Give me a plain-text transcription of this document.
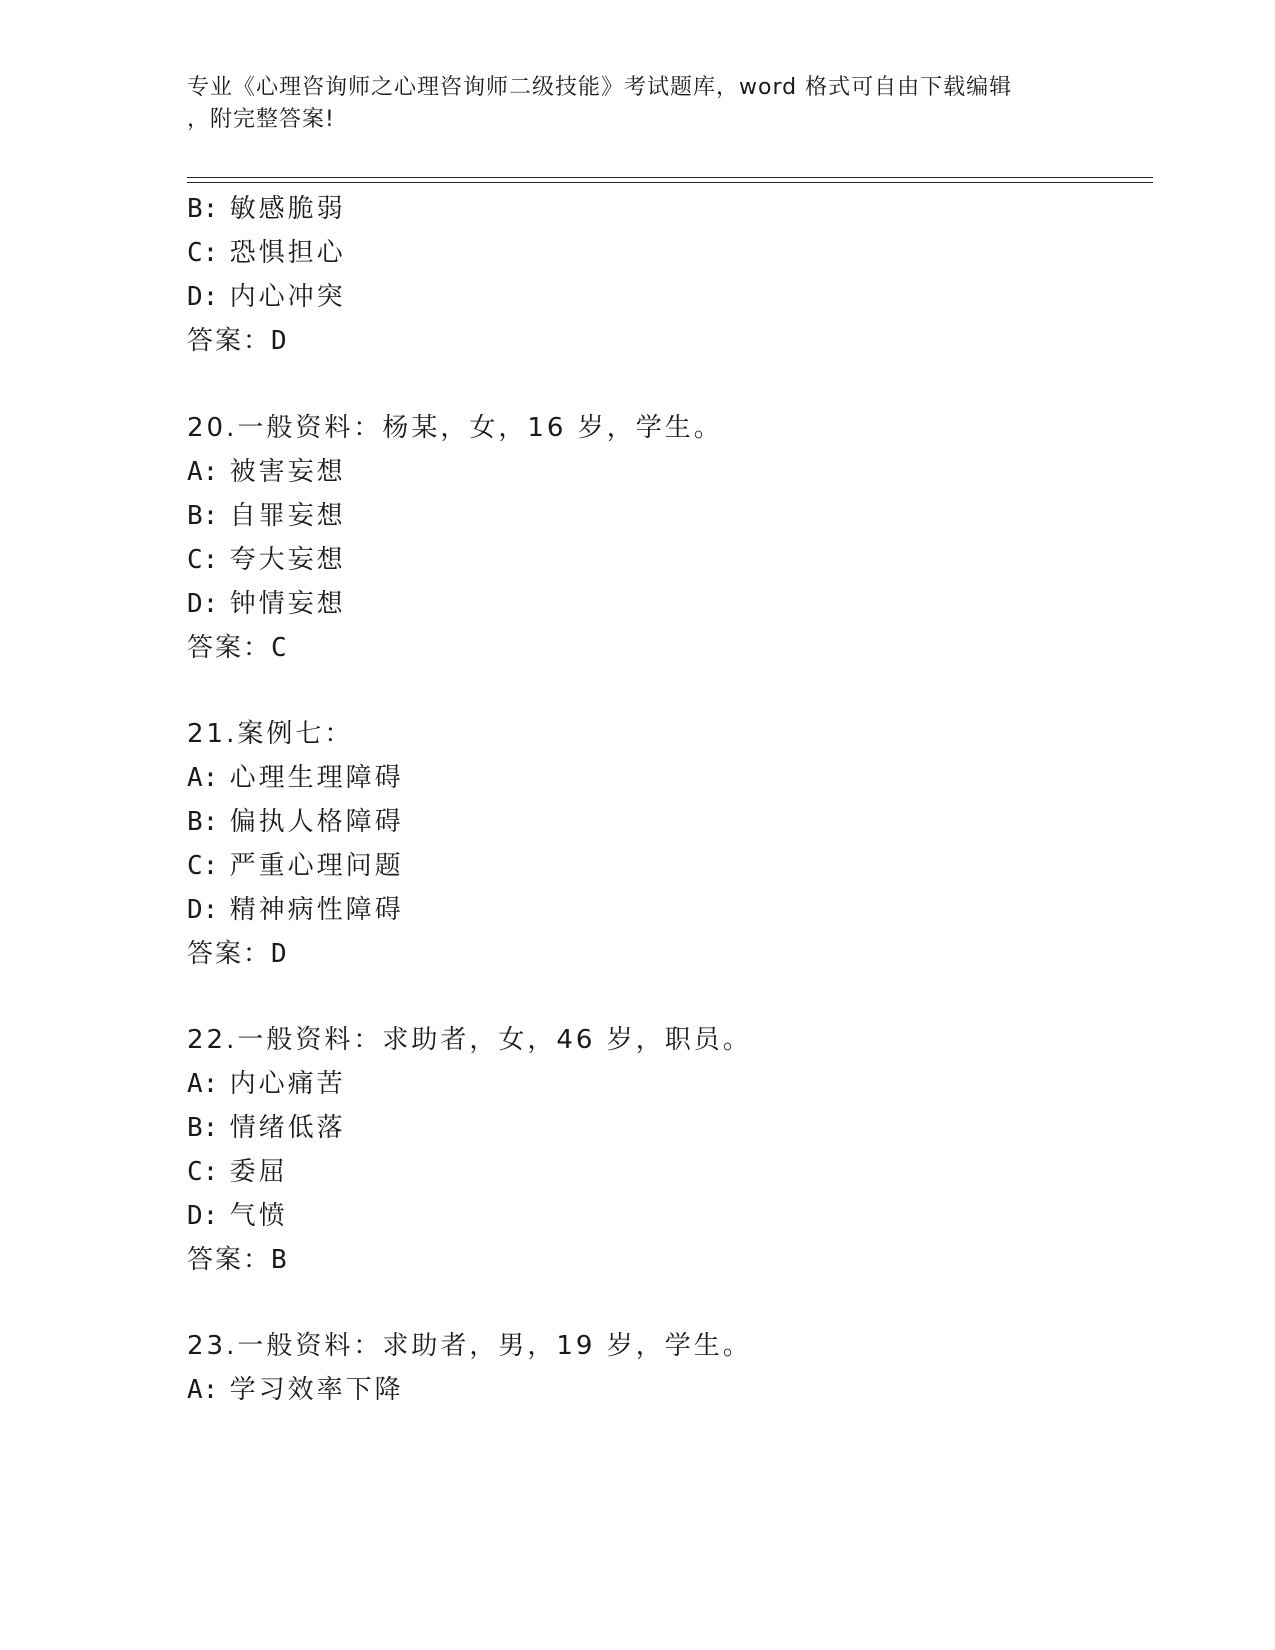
专业《心理咨询师之心理咨询师二级技能》考试题库，word 格式可自由下载编辑
，附完整答案!
B: 敏感脆弱
C: 恐惧担心
D: 内心冲突
答案：D
20.一般资料：杨某，女，16 岁，学生。
A: 被害妄想
B: 自罪妄想
C: 夸大妄想
D: 钟情妄想
答案：C
21.案例七：
A: 心理生理障碍
B: 偏执人格障碍
C: 严重心理问题
D: 精神病性障碍
答案：D
22.一般资料：求助者，女，46 岁，职员。
A: 内心痛苦
B: 情绪低落
C: 委屈
D: 气愤
答案：B
23.一般资料：求助者，男，19 岁，学生。
A: 学习效率下降
